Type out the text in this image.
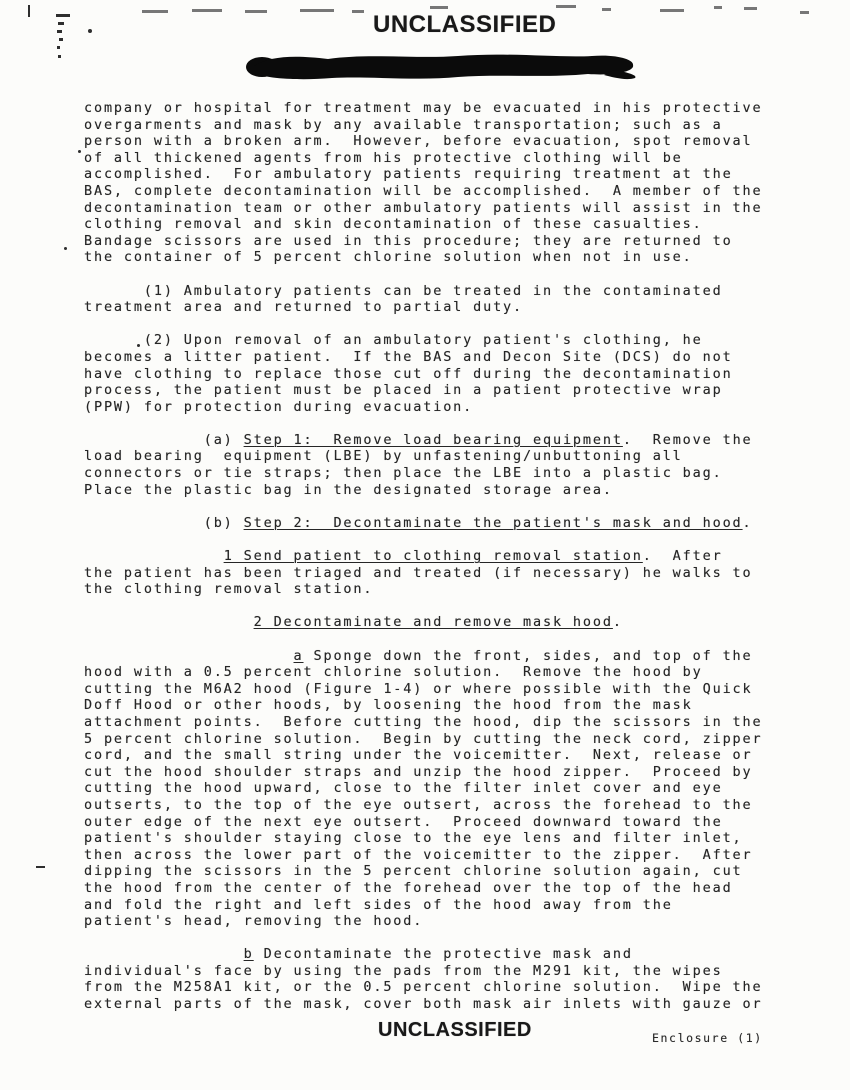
UNCLASSIFIED
company or hospital for treatment may be evacuated in his protective
overgarments and mask by any available transportation; such as a
person with a broken arm.  However, before evacuation, spot removal
of all thickened agents from his protective clothing will be
accomplished.  For ambulatory patients requiring treatment at the
BAS, complete decontamination will be accomplished.  A member of the
decontamination team or other ambulatory patients will assist in the
clothing removal and skin decontamination of these casualties.
Bandage scissors are used in this procedure; they are returned to
the container of 5 percent chlorine solution when not in use.
(1) Ambulatory patients can be treated in the contaminated
treatment area and returned to partial duty.
(2) Upon removal of an ambulatory patient's clothing, he
becomes a litter patient.  If the BAS and Decon Site (DCS) do not
have clothing to replace those cut off during the decontamination
process, the patient must be placed in a patient protective wrap
(PPW) for protection during evacuation.
(a) Step 1:  Remove load bearing equipment.  Remove the
load bearing  equipment (LBE) by unfastening/unbuttoning all
connectors or tie straps; then place the LBE into a plastic bag.
Place the plastic bag in the designated storage area.
(b) Step 2:  Decontaminate the patient's mask and hood.
1 Send patient to clothing removal station.  After
the patient has been triaged and treated (if necessary) he walks to
the clothing removal station.
2 Decontaminate and remove mask hood.
a Sponge down the front, sides, and top of the
hood with a 0.5 percent chlorine solution.  Remove the hood by
cutting the M6A2 hood (Figure 1-4) or where possible with the Quick
Doff Hood or other hoods, by loosening the hood from the mask
attachment points.  Before cutting the hood, dip the scissors in the
5 percent chlorine solution.  Begin by cutting the neck cord, zipper
cord, and the small string under the voicemitter.  Next, release or
cut the hood shoulder straps and unzip the hood zipper.  Proceed by
cutting the hood upward, close to the filter inlet cover and eye
outserts, to the top of the eye outsert, across the forehead to the
outer edge of the next eye outsert.  Proceed downward toward the
patient's shoulder staying close to the eye lens and filter inlet,
then across the lower part of the voicemitter to the zipper.  After
dipping the scissors in the 5 percent chlorine solution again, cut
the hood from the center of the forehead over the top of the head
and fold the right and left sides of the hood away from the
patient's head, removing the hood.
b Decontaminate the protective mask and
individual's face by using the pads from the M291 kit, the wipes
from the M258A1 kit, or the 0.5 percent chlorine solution.  Wipe the
external parts of the mask, cover both mask air inlets with gauze or
UNCLASSIFIED	Enclosure (1)
